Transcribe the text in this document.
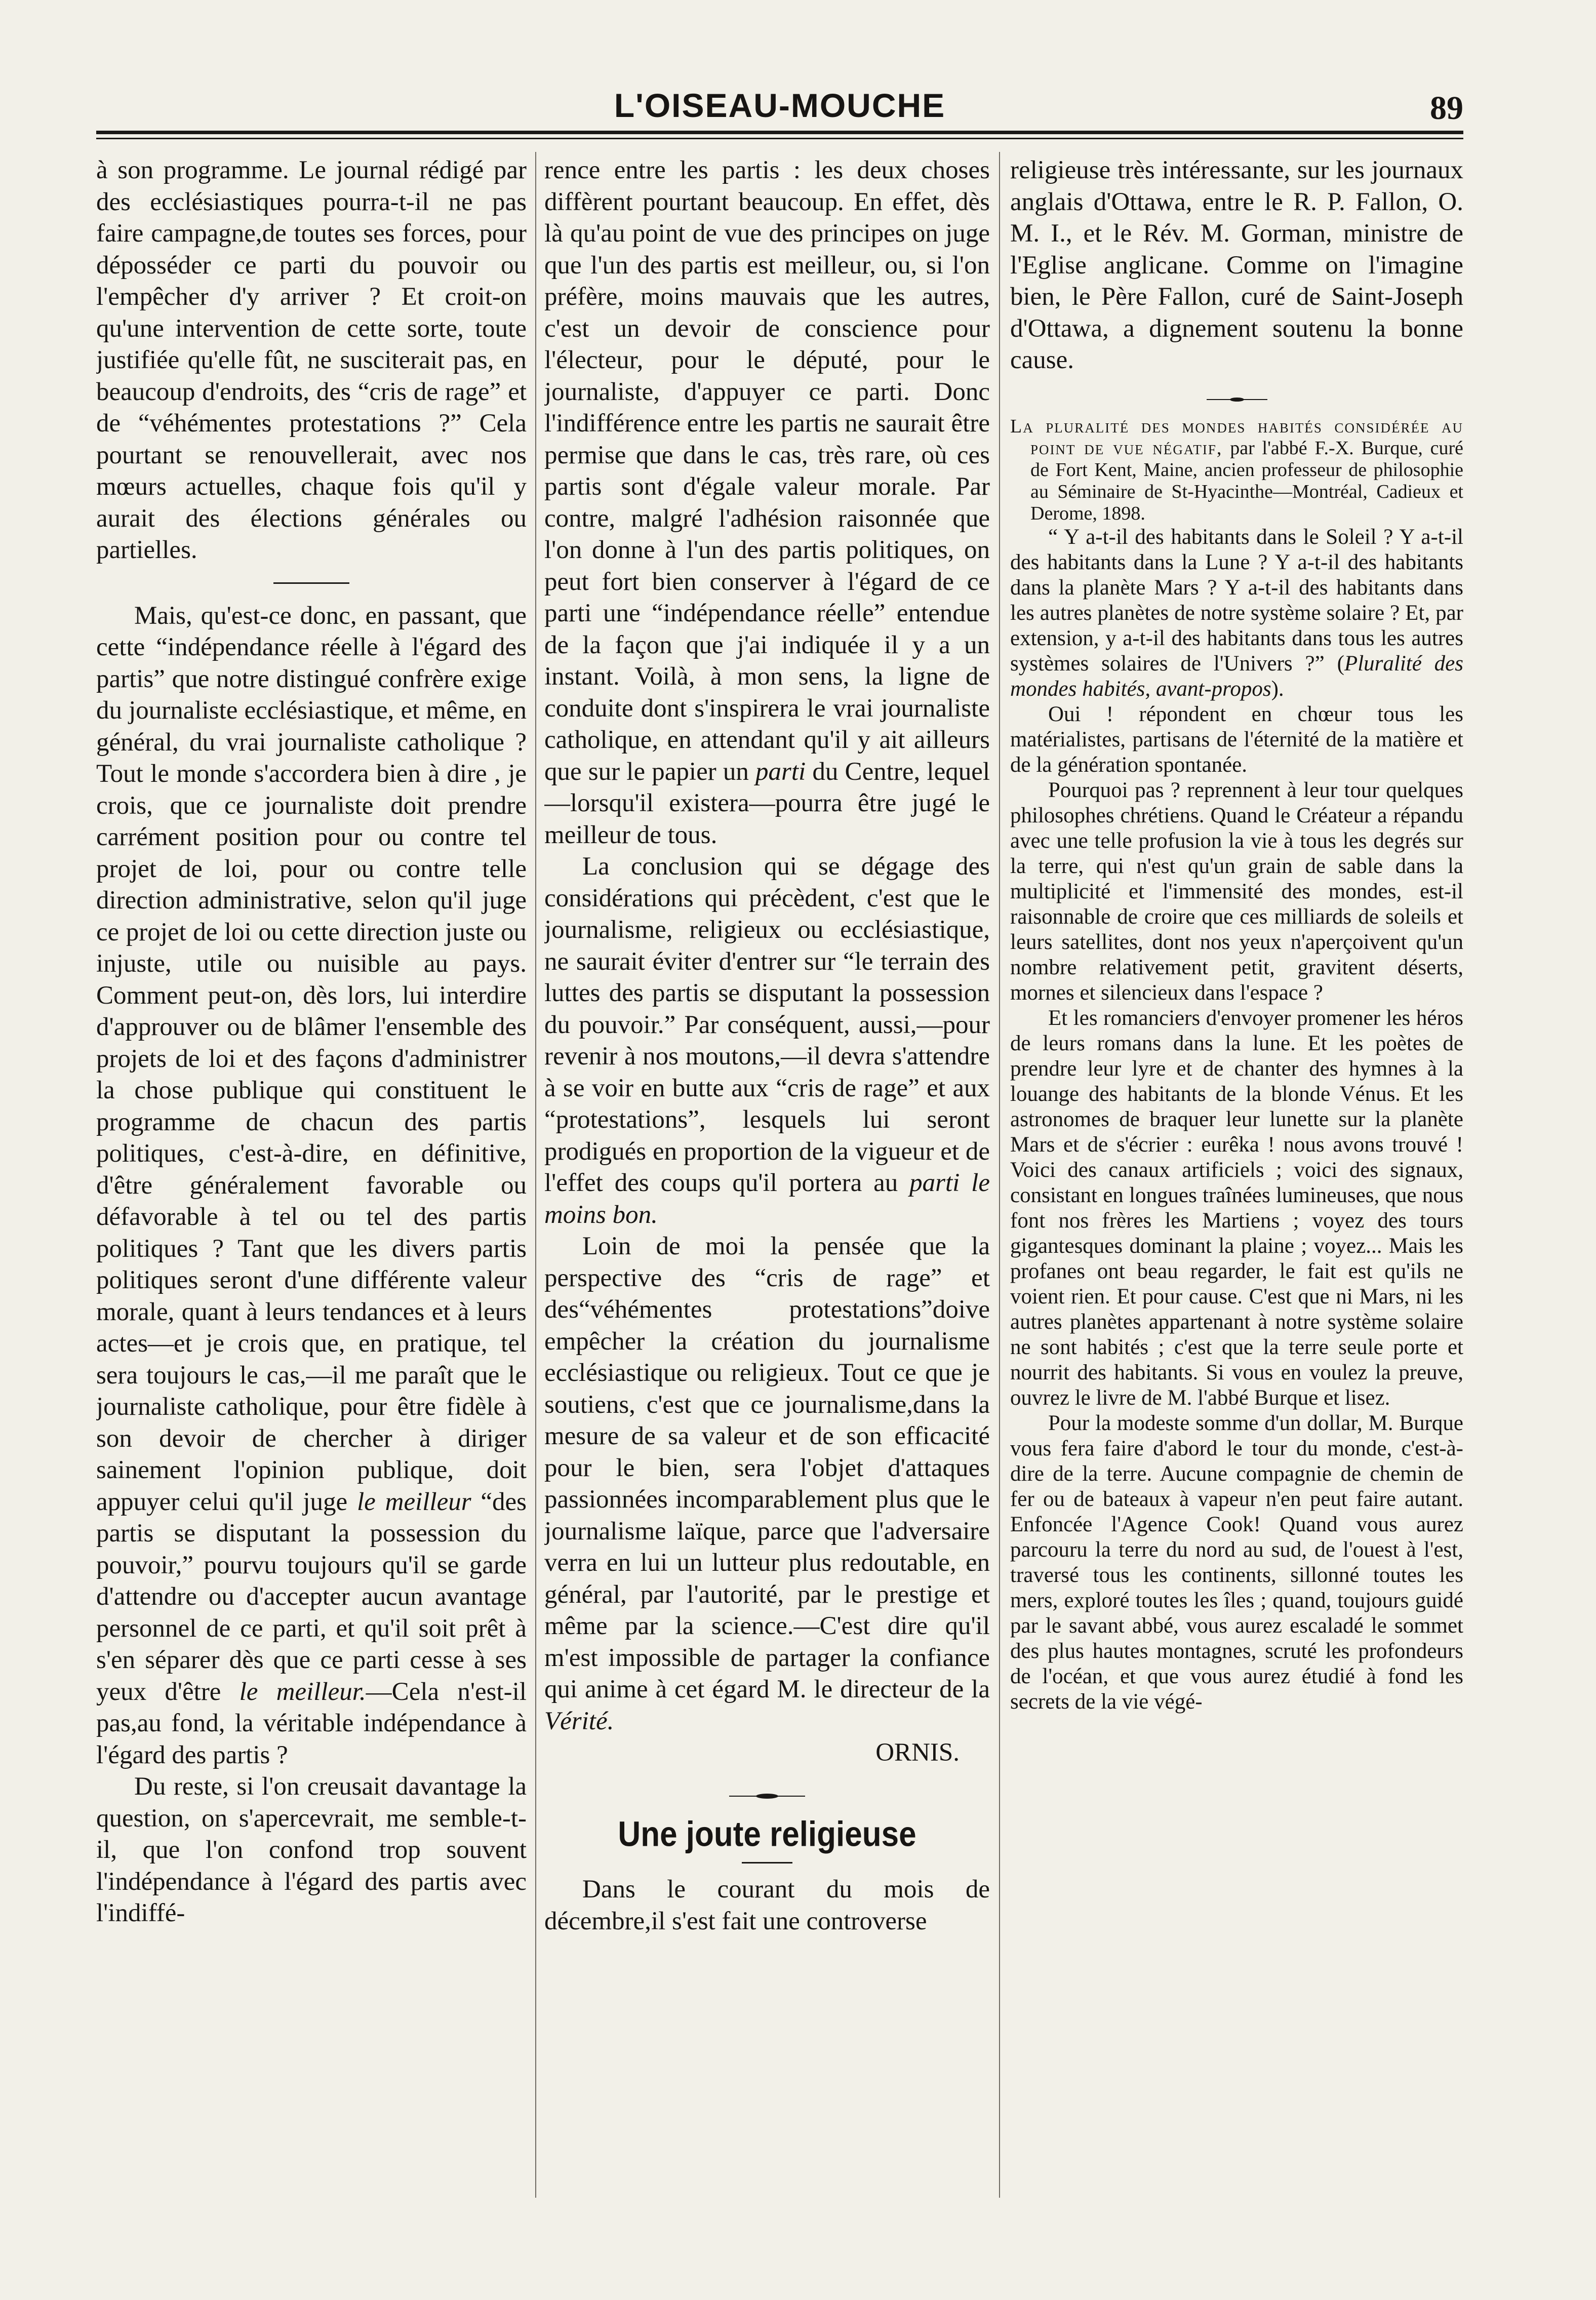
L'OISEAU-MOUCHE	89

à son programme. Le journal rédigé par des ecclésiastiques pourra-t-il ne pas faire campagne,de toutes ses forces, pour déposséder ce parti du pouvoir ou l'empêcher d'y arriver ? Et croit-on qu'une intervention de cette sorte, toute justifiée qu'elle fût, ne susciterait pas, en beaucoup d'endroits, des “cris de rage” et de “véhémentes protestations ?” Cela pourtant se renouvellerait, avec nos mœurs actuelles, chaque fois qu'il y aurait des élections générales ou partielles.

Mais, qu'est-ce donc, en passant, que cette “indépendance réelle à l'égard des partis” que notre distingué confrère exige du journaliste ecclésiastique, et même, en général, du vrai journaliste catholique ? Tout le monde s'accordera bien à dire , je crois, que ce journaliste doit prendre carrément position pour ou contre tel projet de loi, pour ou contre telle direction administrative, selon qu'il juge ce projet de loi ou cette direction juste ou injuste, utile ou nuisible au pays. Comment peut-on, dès lors, lui interdire d'approuver ou de blâmer l'ensemble des projets de loi et des façons d'administrer la chose publique qui constituent le programme de chacun des partis politiques, c'est-à-dire, en définitive, d'être généralement favorable ou défavorable à tel ou tel des partis politiques ? Tant que les divers partis politiques seront d'une différente valeur morale, quant à leurs tendances et à leurs actes—et je crois que, en pratique, tel sera toujours le cas,—il me paraît que le journaliste catholique, pour être fidèle à son devoir de chercher à diriger sainement l'opinion publique, doit appuyer celui qu'il juge le meilleur “des partis se disputant la possession du pouvoir,” pourvu toujours qu'il se garde d'attendre ou d'accepter aucun avantage personnel de ce parti, et qu'il soit prêt à s'en séparer dès que ce parti cesse à ses yeux d'être le meilleur.—Cela n'est-il pas,au fond, la véritable indépendance à l'égard des partis ?

Du reste, si l'on creusait davantage la question, on s'apercevrait, me semble-t-il, que l'on confond trop souvent l'indépendance à l'égard des partis avec l'indiffé-

rence entre les partis : les deux choses diffèrent pourtant beaucoup. En effet, dès là qu'au point de vue des principes on juge que l'un des partis est meilleur, ou, si l'on préfère, moins mauvais que les autres, c'est un devoir de conscience pour l'électeur, pour le député, pour le journaliste, d'appuyer ce parti. Donc l'indifférence entre les partis ne saurait être permise que dans le cas, très rare, où ces partis sont d'égale valeur morale. Par contre, malgré l'adhésion raisonnée que l'on donne à l'un des partis politiques, on peut fort bien conserver à l'égard de ce parti une “indépendance réelle” entendue de la façon que j'ai indiquée il y a un instant. Voilà, à mon sens, la ligne de conduite dont s'inspirera le vrai journaliste catholique, en attendant qu'il y ait ailleurs que sur le papier un parti du Centre, lequel—lorsqu'il existera—pourra être jugé le meilleur de tous.

La conclusion qui se dégage des considérations qui précèdent, c'est que le journalisme, religieux ou ecclésiastique, ne saurait éviter d'entrer sur “le terrain des luttes des partis se disputant la possession du pouvoir.” Par conséquent, aussi,—pour revenir à nos moutons,—il devra s'attendre à se voir en butte aux “cris de rage” et aux “protestations”, lesquels lui seront prodigués en proportion de la vigueur et de l'effet des coups qu'il portera au parti le moins bon.

Loin de moi la pensée que la perspective des “cris de rage” et des“véhémentes protestations”doive empêcher la création du journalisme ecclésiastique ou religieux. Tout ce que je soutiens, c'est que ce journalisme,dans la mesure de sa valeur et de son efficacité pour le bien, sera l'objet d'attaques passionnées incomparablement plus que le journalisme laïque, parce que l'adversaire verra en lui un lutteur plus redoutable, en général, par l'autorité, par le prestige et même par la science.—C'est dire qu'il m'est impossible de partager la confiance qui anime à cet égard M. le directeur de la Vérité.

ORNIS.

Une joute religieuse

Dans le courant du mois de décembre,il s'est fait une controverse

religieuse très intéressante, sur les journaux anglais d'Ottawa, entre le R. P. Fallon, O. M. I., et le Rév. M. Gorman, ministre de l'Eglise anglicane. Comme on l'imagine bien, le Père Fallon, curé de Saint-Joseph d'Ottawa, a dignement soutenu la bonne cause.

La pluralité des mondes habités considérée au point de vue négatif, par l'abbé F.-X. Burque, curé de Fort Kent, Maine, ancien professeur de philosophie au Séminaire de St-Hyacinthe—Montréal, Cadieux et Derome, 1898.

“ Y a-t-il des habitants dans le Soleil ? Y a-t-il des habitants dans la Lune ? Y a-t-il des habitants dans la planète Mars ? Y a-t-il des habitants dans les autres planètes de notre système solaire ? Et, par extension, y a-t-il des habitants dans tous les autres systèmes solaires de l'Univers ?” (Pluralité des mondes habités, avant-propos).

Oui ! répondent en chœur tous les matérialistes, partisans de l'éternité de la matière et de la génération spontanée.

Pourquoi pas ? reprennent à leur tour quelques philosophes chrétiens. Quand le Créateur a répandu avec une telle profusion la vie à tous les degrés sur la terre, qui n'est qu'un grain de sable dans la multiplicité et l'immensité des mondes, est-il raisonnable de croire que ces milliards de soleils et leurs satellites, dont nos yeux n'aperçoivent qu'un nombre relativement petit, gravitent déserts, mornes et silencieux dans l'espace ?

Et les romanciers d'envoyer promener les héros de leurs romans dans la lune. Et les poètes de prendre leur lyre et de chanter des hymnes à la louange des habitants de la blonde Vénus. Et les astronomes de braquer leur lunette sur la planète Mars et de s'écrier : eurêka ! nous avons trouvé ! Voici des canaux artificiels ; voici des signaux, consistant en longues traînées lumineuses, que nous font nos frères les Martiens ; voyez des tours gigantesques dominant la plaine ; voyez... Mais les profanes ont beau regarder, le fait est qu'ils ne voient rien. Et pour cause. C'est que ni Mars, ni les autres planètes appartenant à notre système solaire ne sont habités ; c'est que la terre seule porte et nourrit des habitants. Si vous en voulez la preuve, ouvrez le livre de M. l'abbé Burque et lisez.

Pour la modeste somme d'un dollar, M. Burque vous fera faire d'abord le tour du monde, c'est-à-dire de la terre. Aucune compagnie de chemin de fer ou de bateaux à vapeur n'en peut faire autant. Enfoncée l'Agence Cook! Quand vous aurez parcouru la terre du nord au sud, de l'ouest à l'est, traversé tous les continents, sillonné toutes les mers, exploré toutes les îles ; quand, toujours guidé par le savant abbé, vous aurez escaladé le sommet des plus hautes montagnes, scruté les profondeurs de l'océan, et que vous aurez étudié à fond les secrets de la vie végé-
